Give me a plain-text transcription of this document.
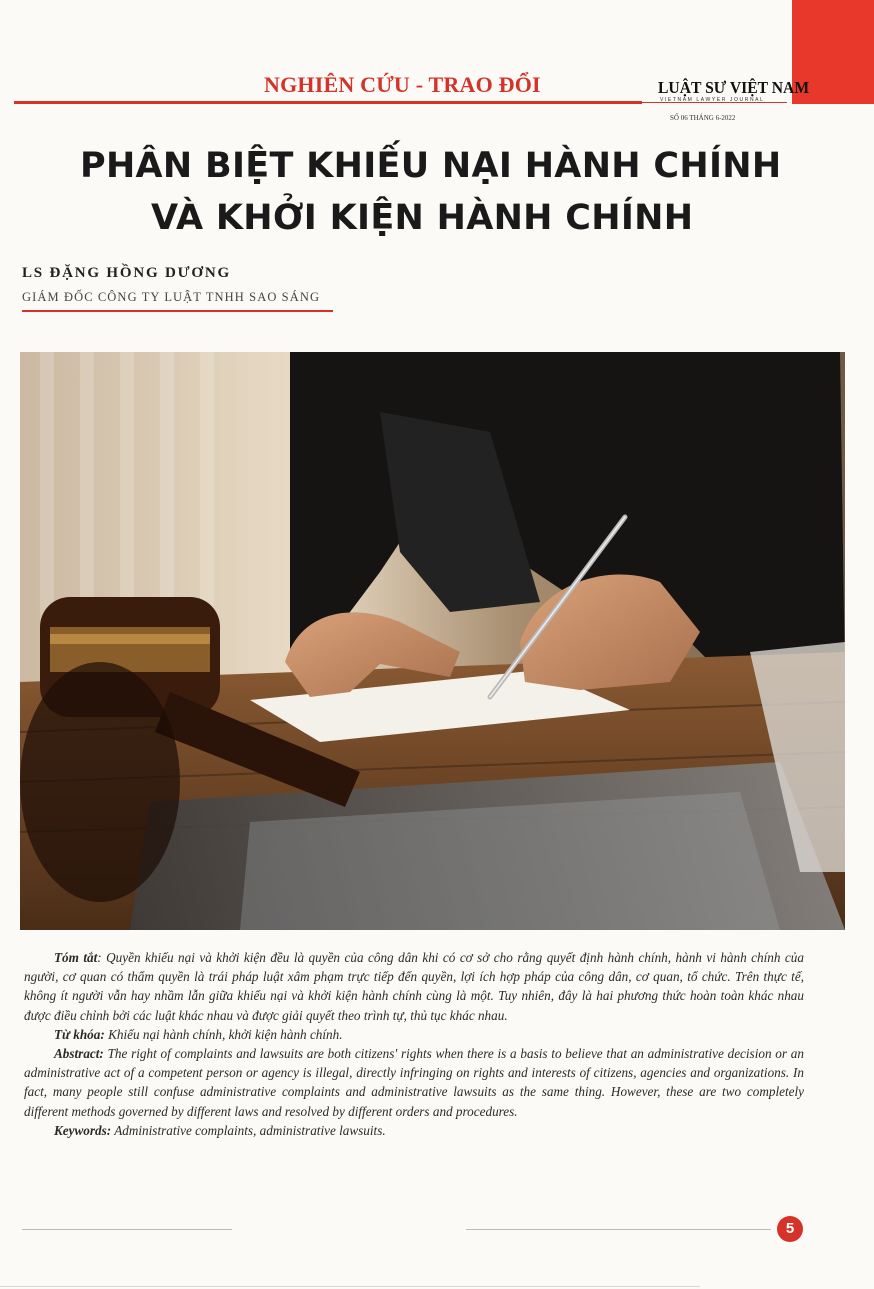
NGHIÊN CỨU - TRAO ĐỔI	LUẬT SƯ VIỆT NAM
VIETNAM LAWYER JOURNAL
SỐ 06 THÁNG 6-2022
PHÂN BIỆT KHIẾU NẠI HÀNH CHÍNH
VÀ KHỞI KIỆN HÀNH CHÍNH
LS ĐẶNG HỒNG DƯƠNG
GIÁM ĐỐC CÔNG TY LUẬT TNHH SAO SÁNG

Tóm tắt: Quyền khiếu nại và khởi kiện đều là quyền của công dân khi có cơ sở cho rằng quyết định hành chính, hành vi hành chính của người, cơ quan có thẩm quyền là trái pháp luật xâm phạm trực tiếp đến quyền, lợi ích hợp pháp của công dân, cơ quan, tổ chức. Trên thực tế, không ít người vẫn hay nhầm lẫn giữa khiếu nại và khởi kiện hành chính cùng là một. Tuy nhiên, đây là hai phương thức hoàn toàn khác nhau được điều chỉnh bởi các luật khác nhau và được giải quyết theo trình tự, thủ tục khác nhau.

Từ khóa: Khiếu nại hành chính, khởi kiện hành chính.

Abstract: The right of complaints and lawsuits are both citizens' rights when there is a basis to believe that an administrative decision or an administrative act of a competent person or agency is illegal, directly infringing on rights and interests of citizens, agencies and organizations. In fact, many people still confuse administrative complaints and administrative lawsuits as the same thing. However, these are two completely different methods governed by different laws and resolved by different orders and procedures.

Keywords: Administrative complaints, administrative lawsuits.

5
